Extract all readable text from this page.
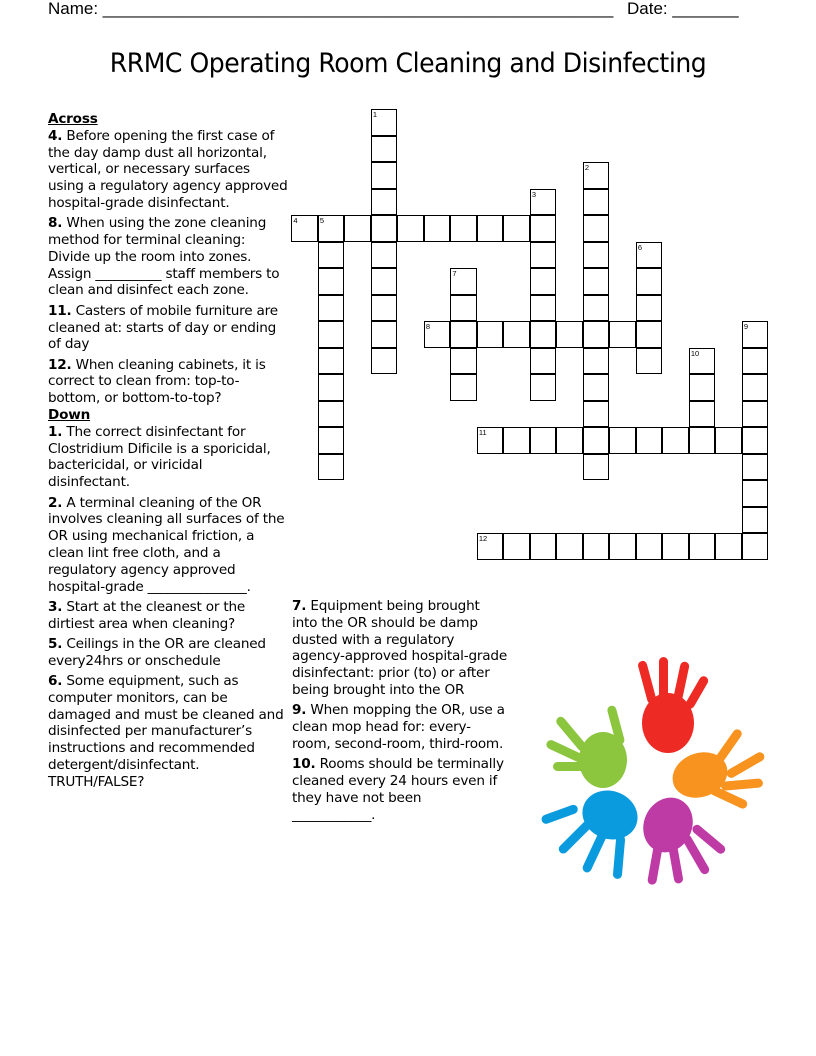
Name: ______________________________________________________ Date: _______
RRMC Operating Room Cleaning and Disinfecting
Across
4. Before opening the first case of the day damp dust all horizontal, vertical, or necessary surfaces using a regulatory agency approved hospital-grade disinfectant.
8. When using the zone cleaning method for terminal cleaning: Divide up the room into zones. Assign __________ staff members to clean and disinfect each zone.
11. Casters of mobile furniture are cleaned at: starts of day or ending of day
12. When cleaning cabinets, it is correct to clean from: top-to-bottom, or bottom-to-top?
Down
1. The correct disinfectant for Clostridium Dificile is a sporicidal, bactericidal, or viricidal disinfectant.
2. A terminal cleaning of the OR involves cleaning all surfaces of the OR using mechanical friction, a clean lint free cloth, and a regulatory agency approved hospital-grade _______________.
3. Start at the cleanest or the dirtiest area when cleaning?
5. Ceilings in the OR are cleaned every24hrs or onschedule
6. Some equipment, such as computer monitors, can be damaged and must be cleaned and disinfected per manufacturer’s instructions and recommended detergent/disinfectant. TRUTH/FALSE?
7. Equipment being brought into the OR should be damp dusted with a regulatory agency-approved hospital-grade disinfectant: prior (to) or after being brought into the OR
9. When mopping the OR, use a clean mop head for: every-room, second-room, third-room.
10. Rooms should be terminally cleaned every 24 hours even if they have not been ____________.
1
2
3
4	5
6
7
8	9
10
11
12
